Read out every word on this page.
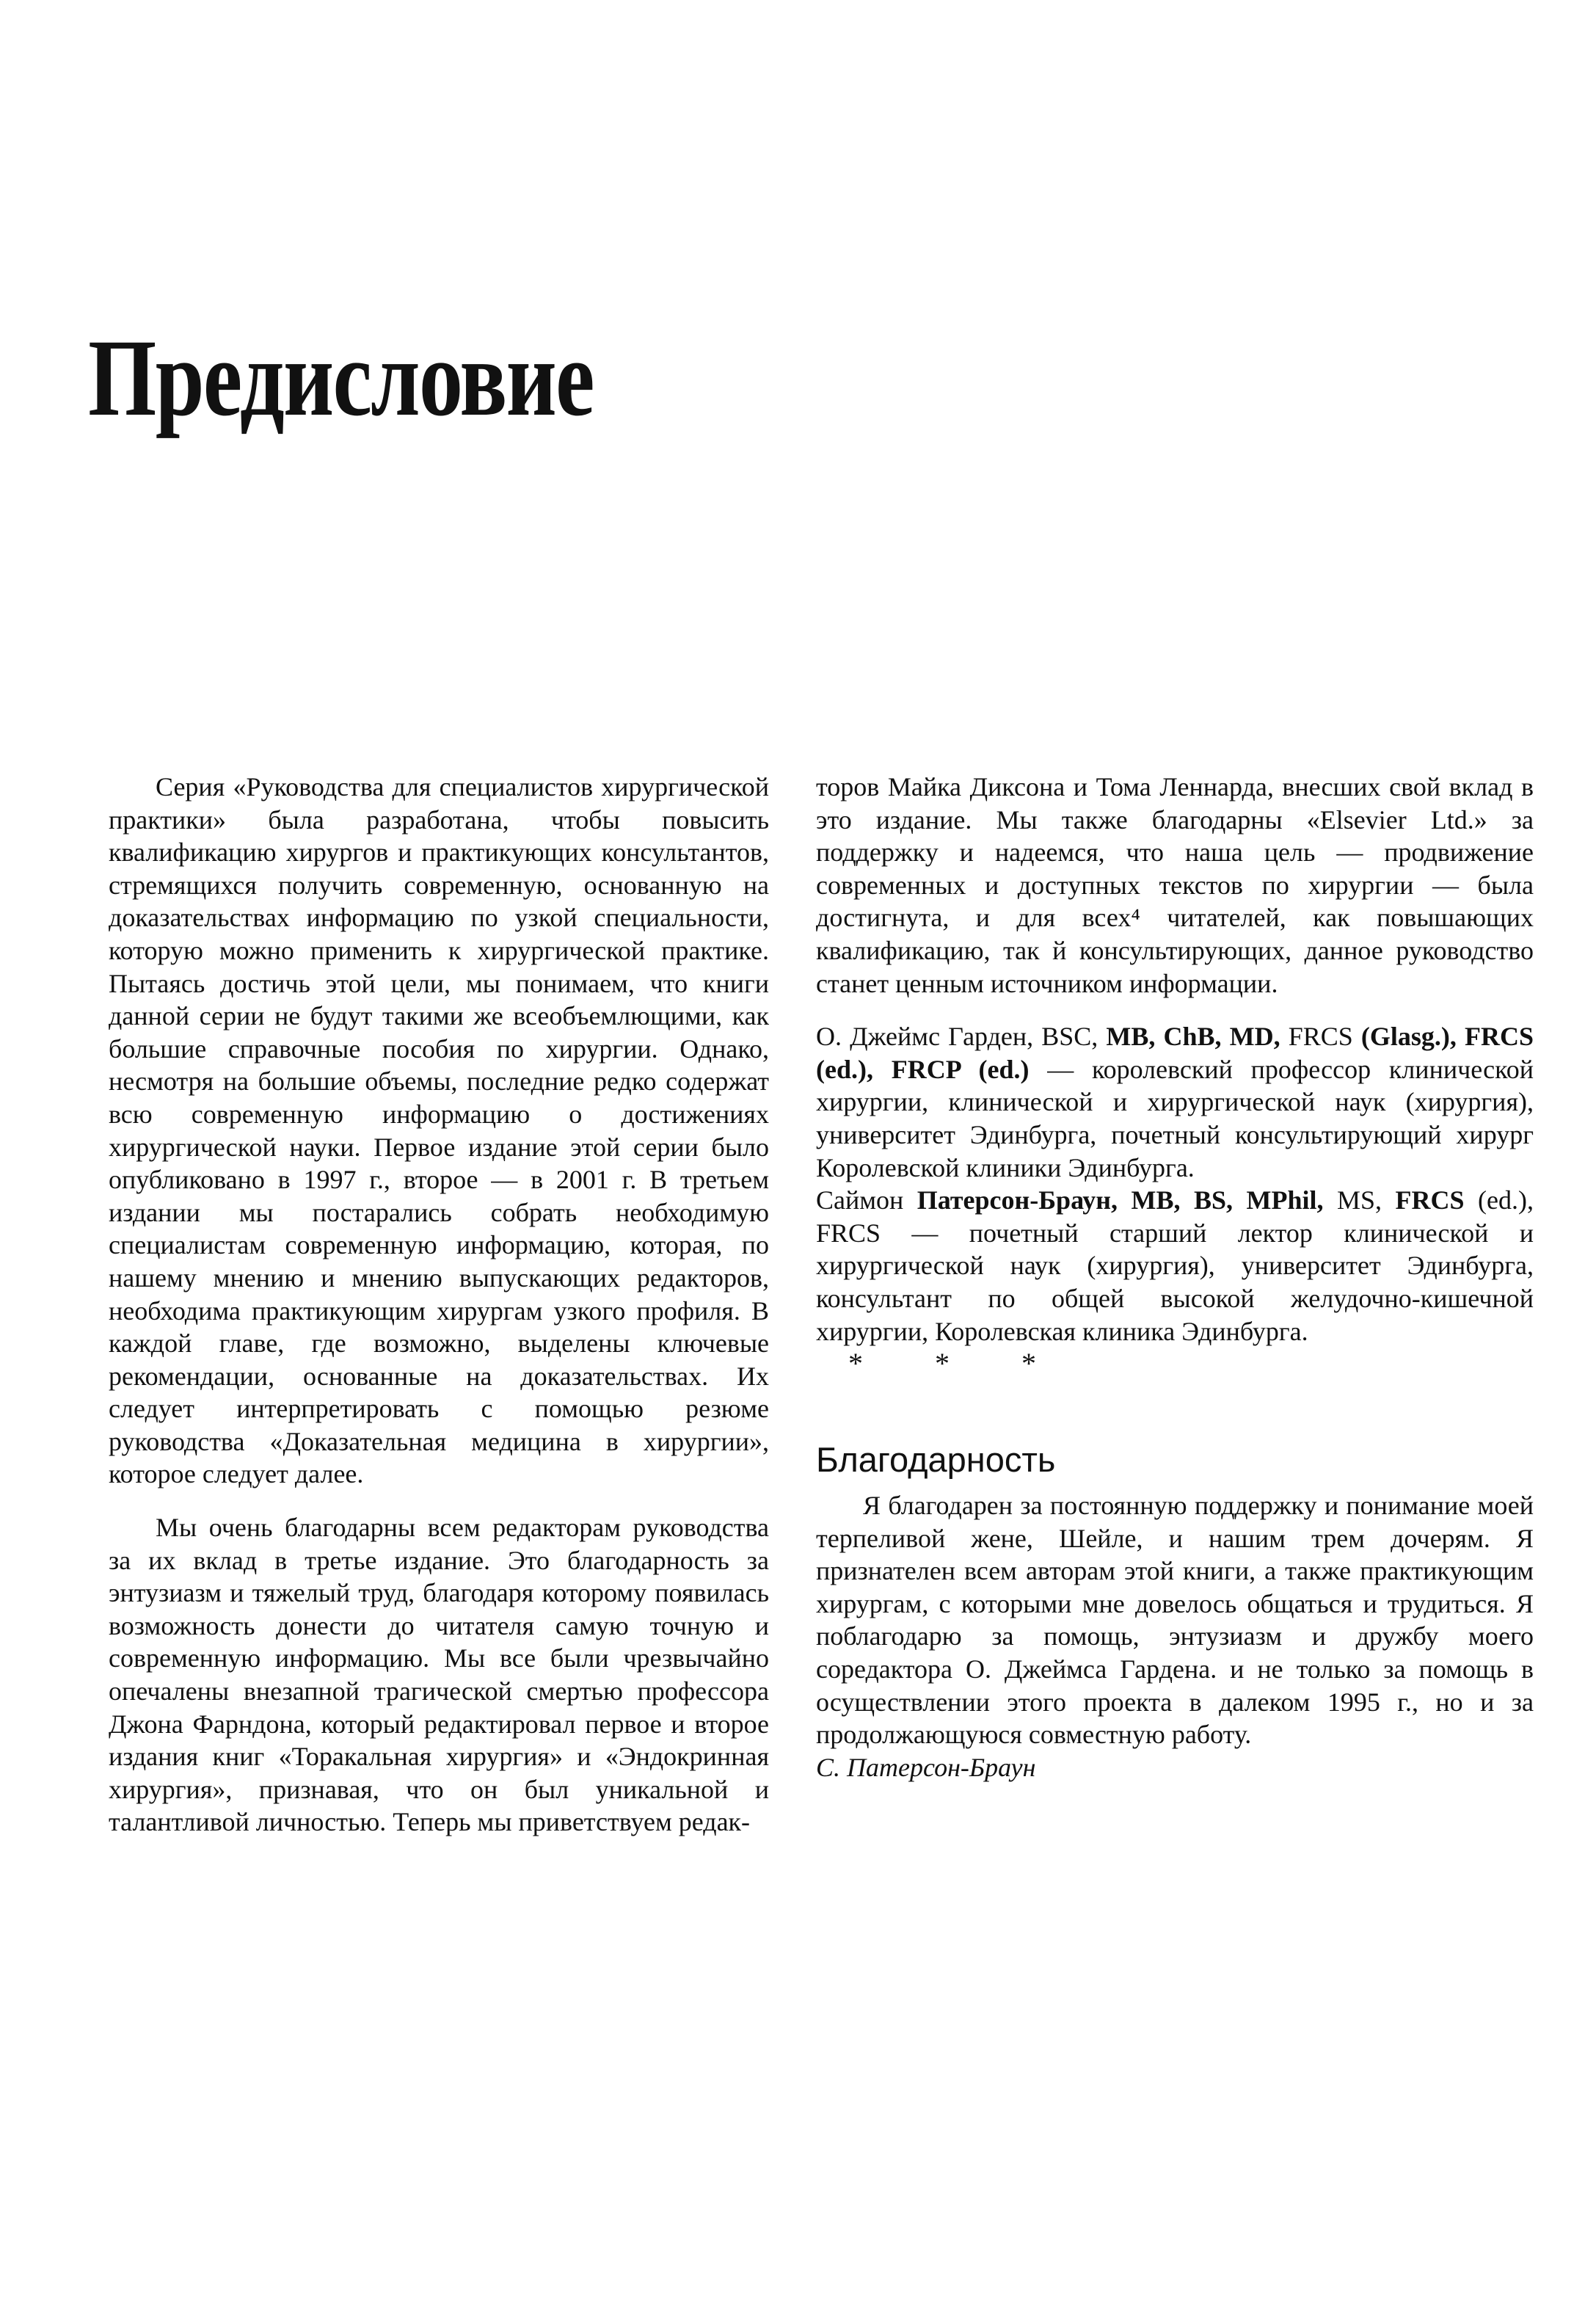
Предисловие

Серия «Руководства для специалистов хирургической практики» была разработана, чтобы повысить квалификацию хирургов и практикующих консультантов, стремящихся получить современную, основанную на доказательствах информацию по узкой специальности, которую можно применить к хирургической практике. Пытаясь достичь этой цели, мы понимаем, что книги данной серии не будут такими же всеобъемлющими, как большие справочные пособия по хирургии. Однако, несмотря на большие объемы, последние редко содержат всю современную информацию о достижениях хирургической науки. Первое издание этой серии было опубликовано в 1997 г., второе — в 2001 г. В третьем издании мы постарались собрать необходимую специалистам современную информацию, которая, по нашему мнению и мнению выпускающих редакторов, необходима практикующим хирургам узкого профиля. В каждой главе, где возможно, выделены ключевые рекомендации, основанные на доказательствах. Их следует интерпретировать с помощью резюме руководства «Доказательная медицина в хирургии», которое следует далее.

Мы очень благодарны всем редакторам руководства за их вклад в третье издание. Это благодарность за энтузиазм и тяжелый труд, благодаря которому появилась возможность донести до читателя самую точную и современную информацию. Мы все были чрезвычайно опечалены внезапной трагической смертью профессора Джона Фарндона, который редактировал первое и второе издания книг «Торакальная хирургия» и «Эндокринная хирургия», признавая, что он был уникальной и талантливой личностью. Теперь мы приветствуем редак-

торов Майка Диксона и Тома Леннарда, внесших свой вклад в это издание. Мы также благодарны «Elsevier Ltd.» за поддержку и надеемся, что наша цель — продвижение современных и доступных текстов по хирургии — была достигнута, и для всех⁴ читателей, как повышающих квалификацию, так й консультирующих, данное руководство станет ценным источником информации.

О. Джеймс Гарден, BSC, MB, ChB, MD, FRCS (Glasg.), FRCS (ed.), FRCP (ed.) — королевский профессор клинической хирургии, клинической и хирургической наук (хирургия), университет Эдинбурга, почетный консультирующий хирург Королевской клиники Эдинбурга.

Саймон Патерсон-Браун, MB, BS, MPhil, MS, FRCS (ed.), FRCS — почетный старший лектор клинической и хирургической наук (хирургия), университет Эдинбурга, консультант по общей высокой желудочно-кишечной хирургии, Королевская клиника Эдинбурга.

* * *

Благодарность

Я благодарен за постоянную поддержку и понимание моей терпеливой жене, Шейле, и нашим трем дочерям. Я признателен всем авторам этой книги, а также практикующим хирургам, с которыми мне довелось общаться и трудиться. Я поблагодарю за помощь, энтузиазм и дружбу моего соредактора О. Джеймса Гардена. и не только за помощь в осуществлении этого проекта в далеком 1995 г., но и за продолжающуюся совместную работу.

С. Патерсон-Браун
